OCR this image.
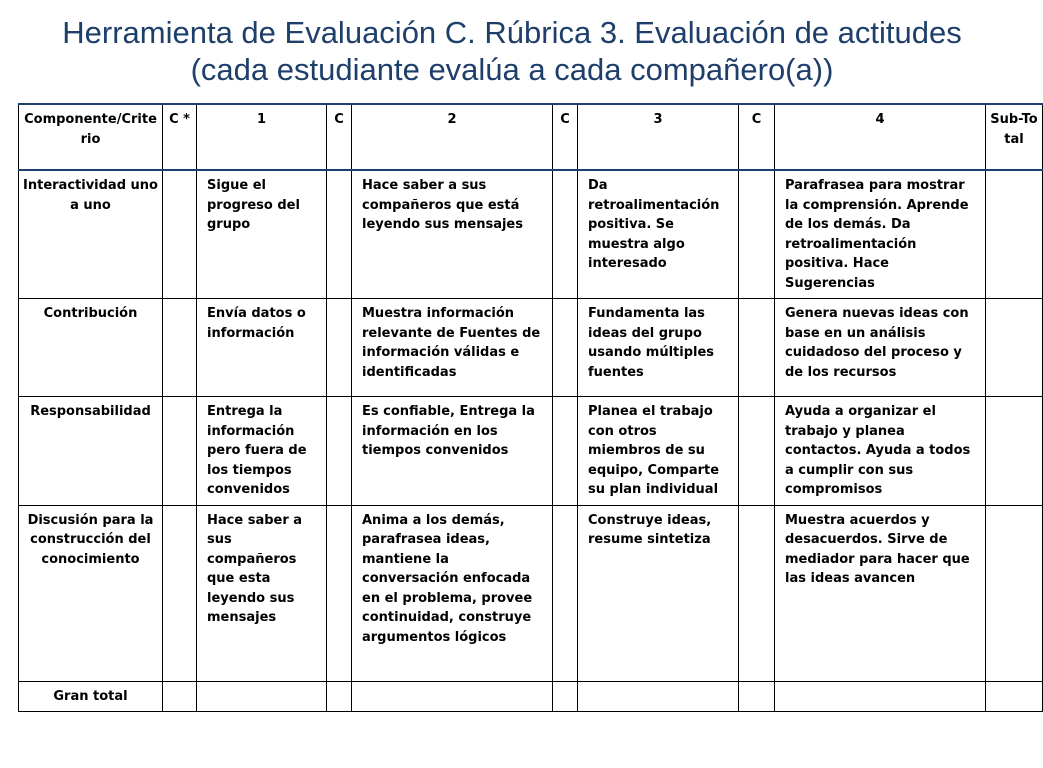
Herramienta de Evaluación C. Rúbrica 3. Evaluación de actitudes
(cada estudiante evalúa a cada compañero(a))
Componente/Criterio	C *	1	C	2	C	3	C	4	Sub-Total
Interactividad uno a uno		Sigue el progreso del grupo		Hace saber a sus compañeros que está leyendo sus mensajes		Da retroalimentación positiva. Se muestra algo interesado		Parafrasea para mostrar la comprensión. Aprende de los demás. Da retroalimentación positiva. Hace Sugerencias	
Contribución		Envía datos o información		Muestra información relevante de Fuentes de información válidas e identificadas		Fundamenta las ideas del grupo usando múltiples fuentes		Genera nuevas ideas con base en un análisis cuidadoso del proceso y de los recursos	
Responsabilidad		Entrega la información pero fuera de los tiempos convenidos		Es confiable, Entrega la información en los tiempos convenidos		Planea el trabajo con otros miembros de su equipo, Comparte su plan individual		Ayuda a organizar el trabajo y planea contactos. Ayuda a todos a cumplir con sus compromisos	
Discusión para la construcción del conocimiento		Hace saber a sus compañeros que esta leyendo sus mensajes		Anima a los demás, parafrasea ideas, mantiene la conversación enfocada en el problema, provee continuidad, construye argumentos lógicos		Construye ideas, resume sintetiza		Muestra acuerdos y desacuerdos. Sirve de mediador para hacer que las ideas avancen	
Gran total									
